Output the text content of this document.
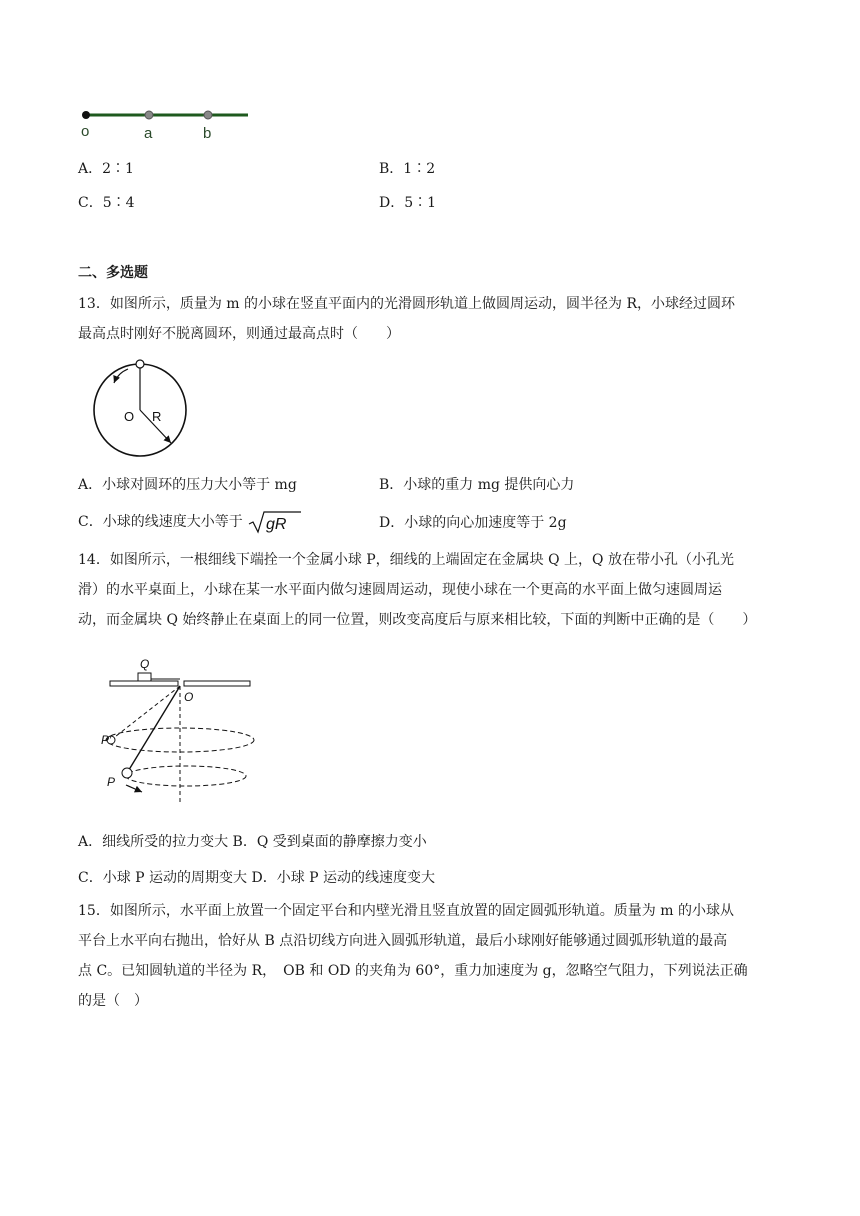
o	a	b
A．2∶1	B．1∶2
C．5∶4	D．5∶1
二、多选题
13．如图所示，质量为 m 的小球在竖直平面内的光滑圆形轨道上做圆周运动，圆半径为 R，小球经过圆环
最高点时刚好不脱离圆环，则通过最高点时（　　）
O R
A．小球对圆环的压力大小等于 mg	B．小球的重力 mg 提供向心力
C．小球的线速度大小等于 gR	D．小球的向心加速度等于 2g
14．如图所示，一根细线下端拴一个金属小球 P，细线的上端固定在金属块 Q 上，Q 放在带小孔（小孔光
滑）的水平桌面上，小球在某一水平面内做匀速圆周运动，现使小球在一个更高的水平面上做匀速圆周运
动，而金属块 Q 始终静止在桌面上的同一位置，则改变高度后与原来相比较，下面的判断中正确的是（　　）
Q
O
P′
P
A．细线所受的拉力变大 B．Q 受到桌面的静摩擦力变小
C．小球 P 运动的周期变大 D．小球 P 运动的线速度变大
15．如图所示，水平面上放置一个固定平台和内壁光滑且竖直放置的固定圆弧形轨道。质量为 m 的小球从
平台上水平向右抛出，恰好从 B 点沿切线方向进入圆弧形轨道，最后小球刚好能够通过圆弧形轨道的最高
点 C。已知圆轨道的半径为 R，　OB 和 OD 的夹角为 60°，重力加速度为 g，忽略空气阻力，下列说法正确
的是（　）
